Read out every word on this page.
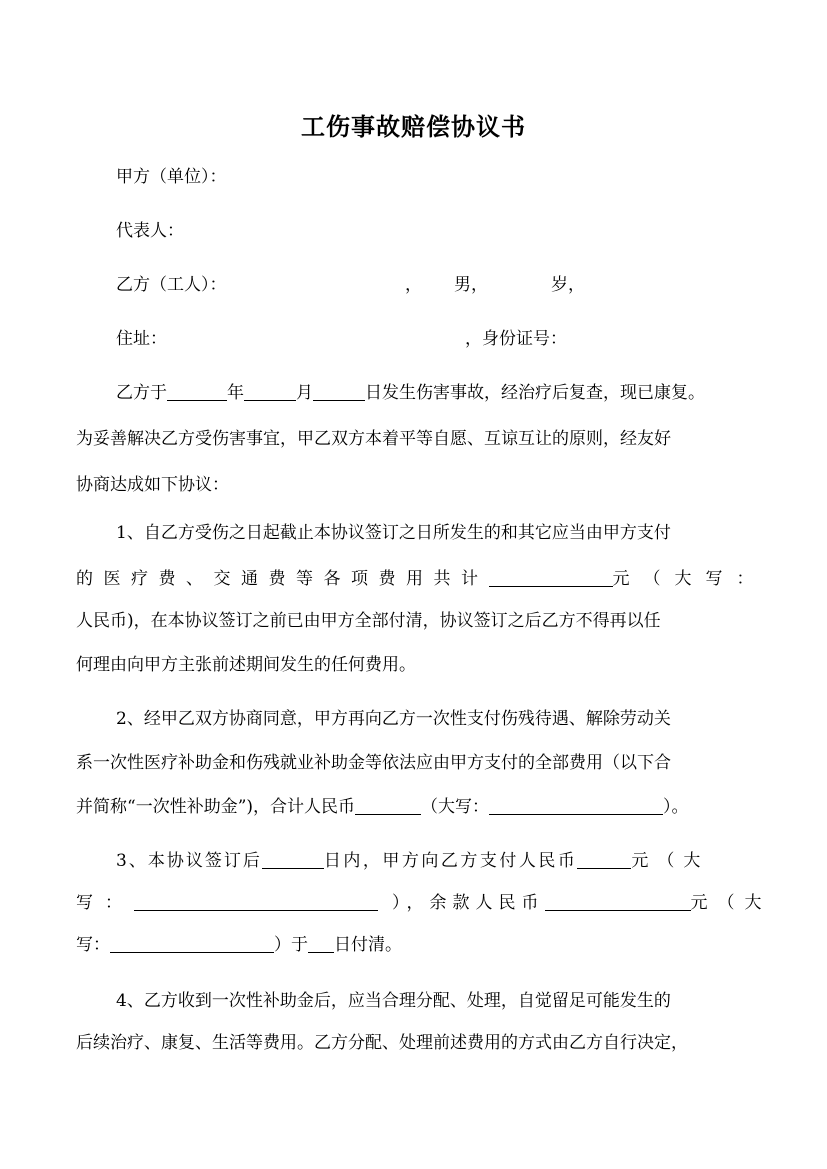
工伤事故赔偿协议书
甲方（单位）：
代表人：
乙方（工人）：	， 男，	岁，
住址：	，身份证号：
乙方于	年	月	日发生伤害事故，经治疗后复查，现已康复。
为妥善解决乙方受伤害事宜，甲乙双方本着平等自愿、互谅互让的原则，经友好
协商达成如下协议：
1、自乙方受伤之日起截止本协议签订之日所发生的和其它应当由甲方支付
的医疗费、交通费等各项费用共计	元（大写：
人民币)，在本协议签订之前已由甲方全部付清，协议签订之后乙方不得再以任
何理由向甲方主张前述期间发生的任何费用。
2、经甲乙双方协商同意，甲方再向乙方一次性支付伤残待遇、解除劳动关
系一次性医疗补助金和伤残就业补助金等依法应由甲方支付的全部费用（以下合
并简称“一次性补助金”)，合计人民币	（大写：	）。
3、本协议签订后	日内，甲方向乙方支付人民币	元（大
写：	），余款人民币	元（大
写：	）于 日付清。
4、乙方收到一次性补助金后，应当合理分配、处理，自觉留足可能发生的
后续治疗、康复、生活等费用。乙方分配、处理前述费用的方式由乙方自行决定，
